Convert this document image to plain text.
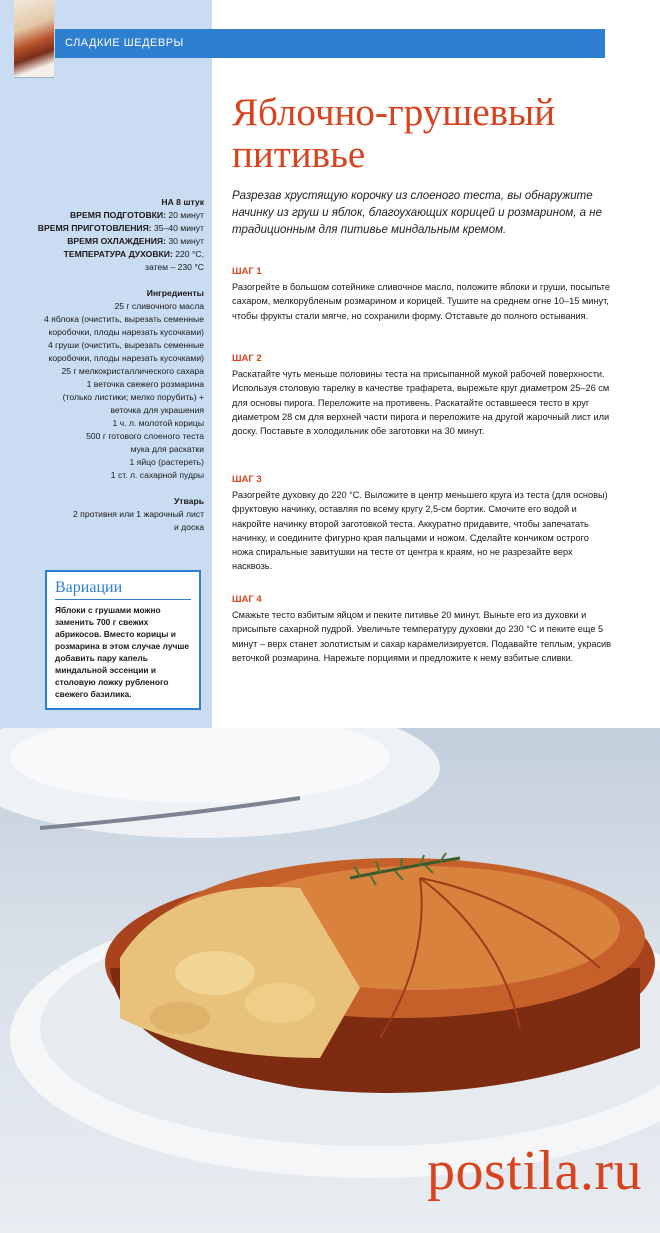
СЛАДКИЕ ШЕДЕВРЫ
Яблочно-грушевый
питивье
НА 8 штук
ВРЕМЯ ПОДГОТОВКИ: 20 минут
ВРЕМЯ ПРИГОТОВЛЕНИЯ: 35–40 минут
ВРЕМЯ ОХЛАЖДЕНИЯ: 30 минут
ТЕМПЕРАТУРА ДУХОВКИ: 220 °C,
затем – 230 °C
Ингредиенты
25 г сливочного масла
4 яблока (очистить, вырезать семенные
коробочки, плоды нарезать кусочками)
4 груши (очистить, вырезать семенные
коробочки, плоды нарезать кусочками)
25 г мелкокристаллического сахара
1 веточка свежего розмарина
(только листики; мелко порубить) +
веточка для украшения
1 ч. л. молотой корицы
500 г готового слоеного теста
мука для раскатки
1 яйцо (растереть)
1 ст. л. сахарной пудры
Утварь
2 противня или 1 жарочный лист
и доска
Вариации
Яблоки с грушами можно заменить 700 г свежих абрикосов. Вместо корицы и розмарина в этом случае лучше добавить пару капель миндальной эссенции и столовую ложку рубленого свежего базилика.
Разрезав хрустящую корочку из слоеного теста, вы обнаружите начинку из груш и яблок, благоухающих корицей и розмарином, а не традиционным для питивье миндальным кремом.
ШАГ 1
Разогрейте в большом сотейнике сливочное масло, положите яблоки и груши, посыпьте сахаром, мелкорубленым розмарином и корицей. Тушите на среднем огне 10–15 минут, чтобы фрукты стали мягче, но сохранили форму. Отставьте до полного остывания.
ШАГ 2
Раскатайте чуть меньше половины теста на присыпанной мукой рабочей поверхности. Используя столовую тарелку в качестве трафарета, вырежьте круг диаметром 25–26 см для основы пирога. Переложите на противень. Раскатайте оставшееся тесто в круг диаметром 28 см для верхней части пирога и переложите на другой жарочный лист или доску. Поставьте в холодильник обе заготовки на 30 минут.
ШАГ 3
Разогрейте духовку до 220 °C. Выложите в центр меньшего круга из теста (для основы) фруктовую начинку, оставляя по всему кругу 2,5-см бортик. Смочите его водой и накройте начинку второй заготовкой теста. Аккуратно придавите, чтобы запечатать начинку, и соедините фигурно края пальцами и ножом. Сделайте кончиком острого ножа спиральные завитушки на тесте от центра к краям, но не разрезайте верх насквозь.
ШАГ 4
Смажьте тесто взбитым яйцом и пеките питивье 20 минут. Выньте его из духовки и присыпьте сахарной пудрой. Увеличьте температуру духовки до 230 °C и пеките еще 5 минут – верх станет золотистым и сахар карамелизируется. Подавайте теплым, украсив веточкой розмарина. Нарежьте порциями и предложите к нему взбитые сливки.
postila.ru
